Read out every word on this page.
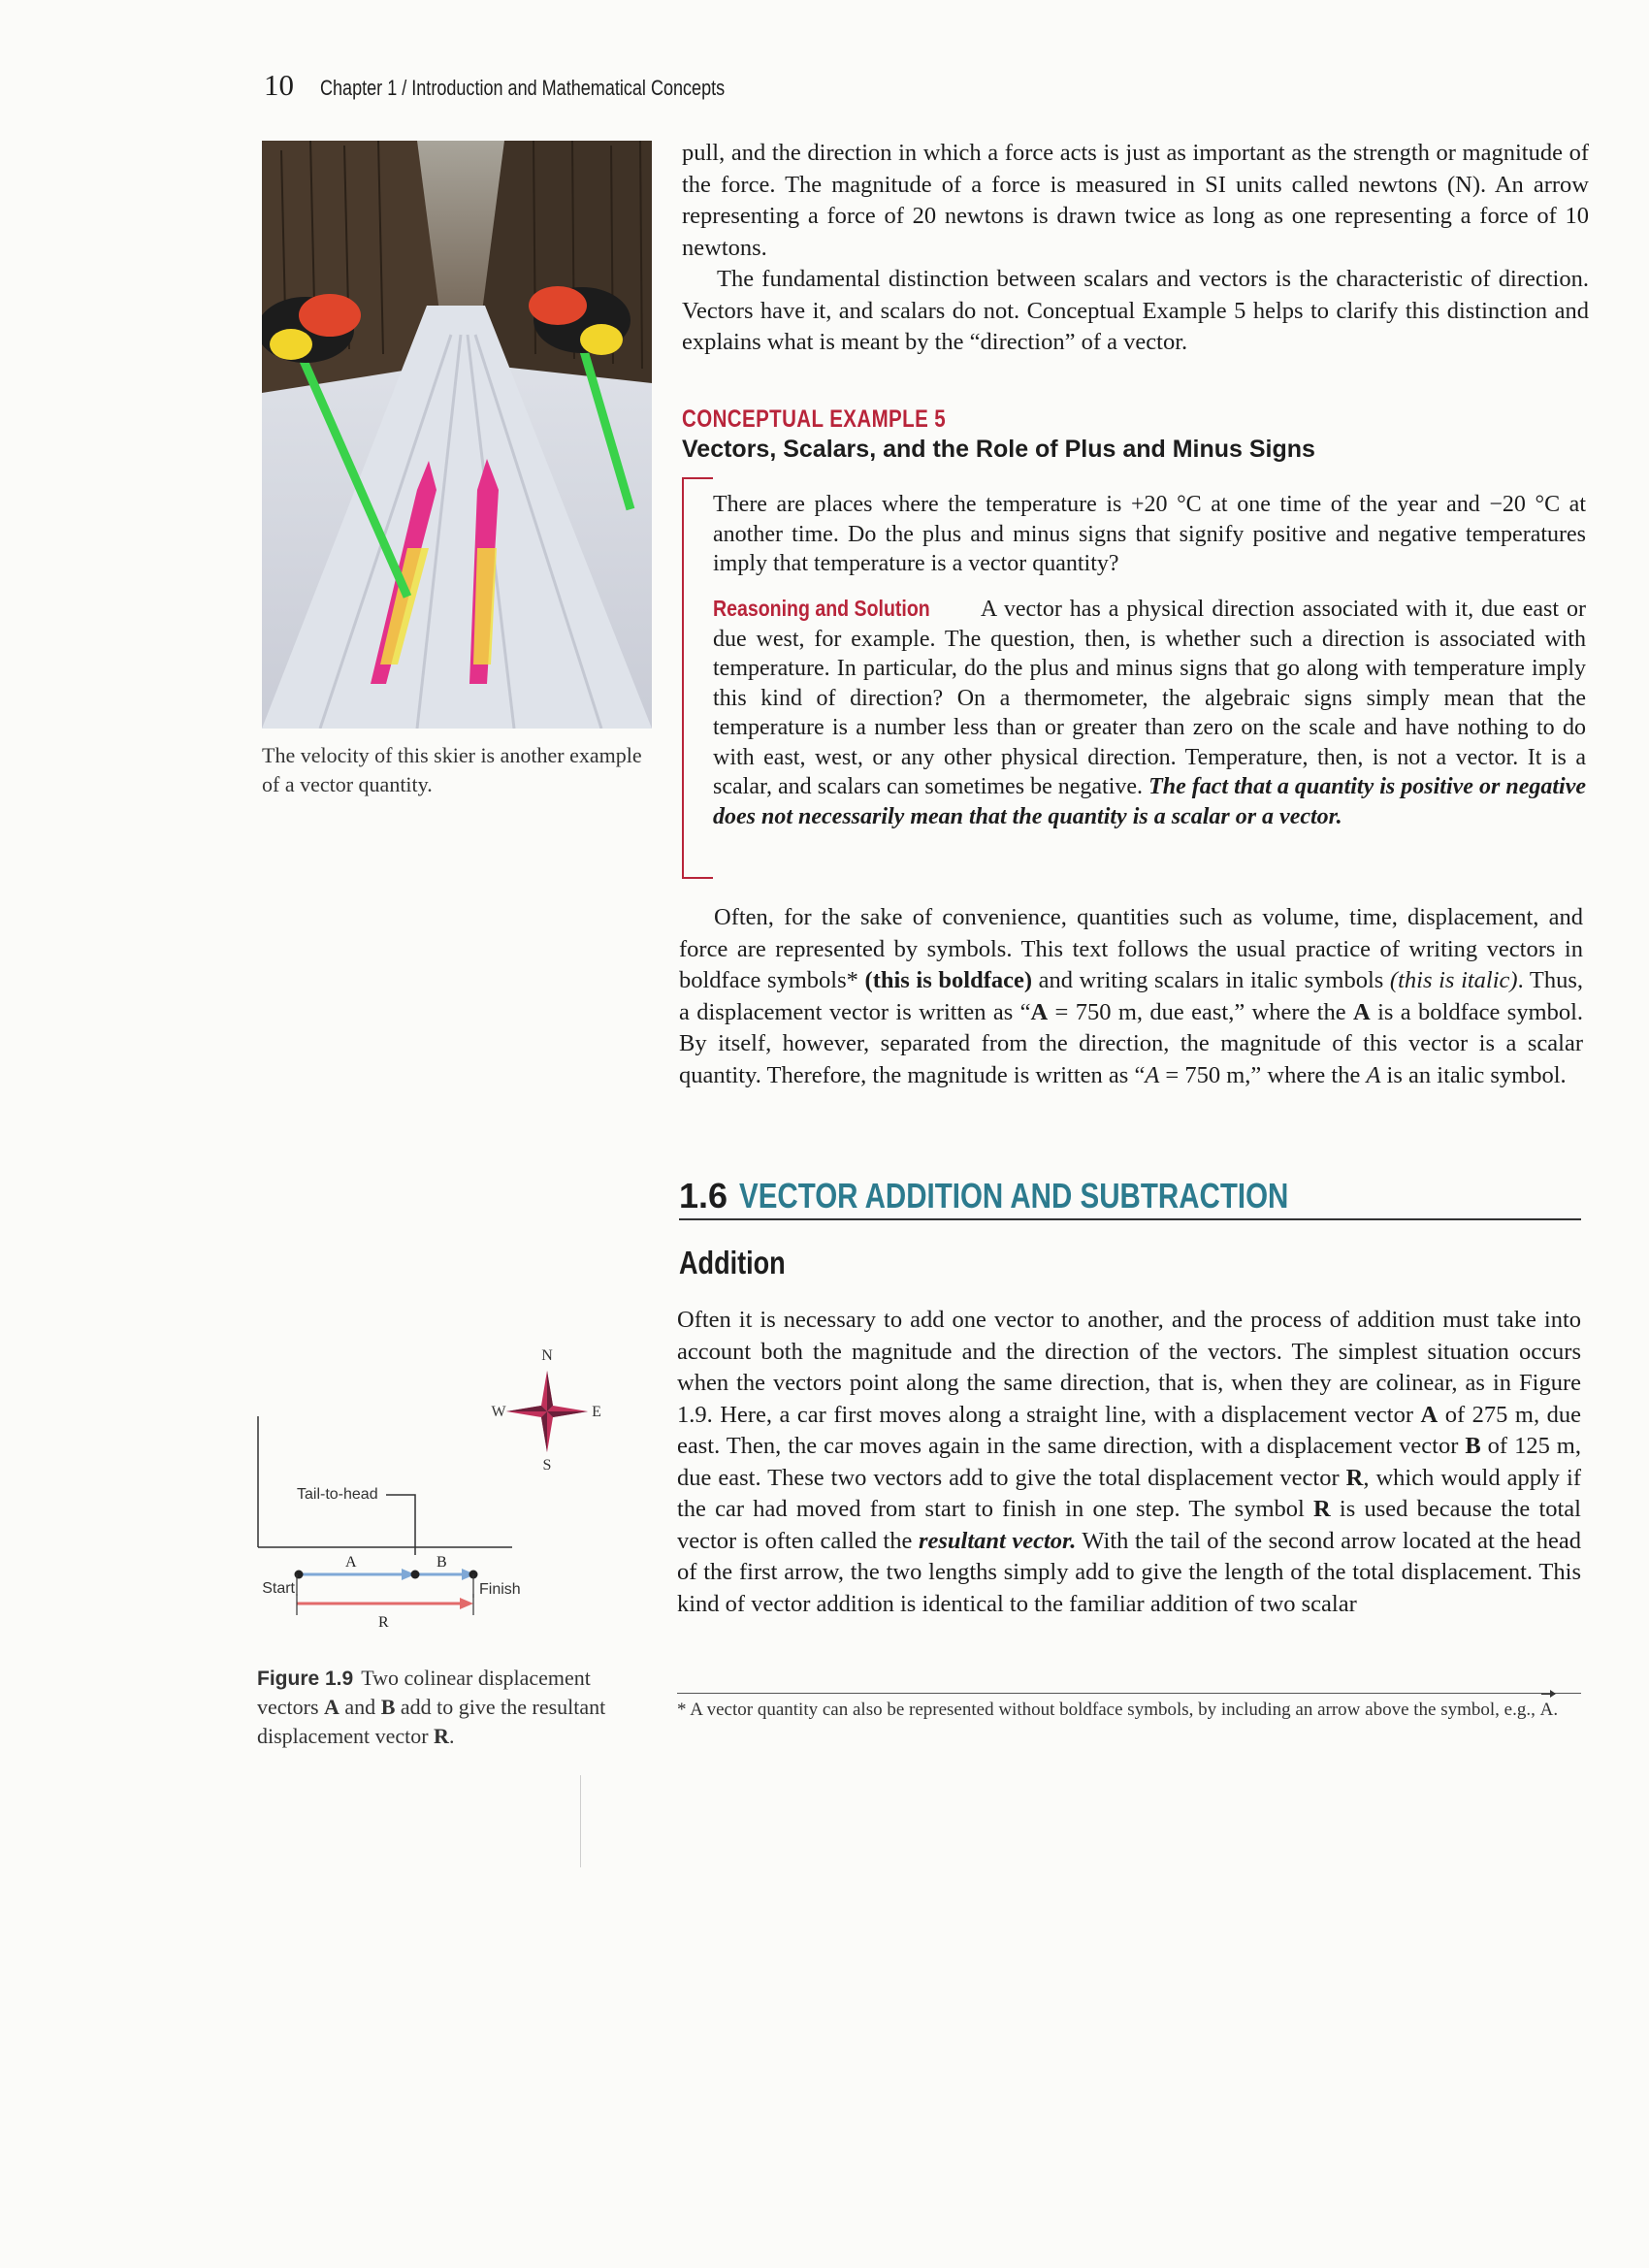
10 Chapter 1 / Introduction and Mathematical Concepts
The velocity of this skier is another example of a vector quantity.

pull, and the direction in which a force acts is just as important as the strength or magnitude of the force. The magnitude of a force is measured in SI units called newtons (N). An arrow representing a force of 20 newtons is drawn twice as long as one representing a force of 10 newtons.

The fundamental distinction between scalars and vectors is the characteristic of direction. Vectors have it, and scalars do not. Conceptual Example 5 helps to clarify this distinction and explains what is meant by the “direction” of a vector.

CONCEPTUAL EXAMPLE 5
Vectors, Scalars, and the Role of Plus and Minus Signs
There are places where the temperature is +20 °C at one time of the year and −20 °C at another time. Do the plus and minus signs that signify positive and negative temperatures imply that temperature is a vector quantity?
Reasoning and Solution A vector has a physical direction associated with it, due east or due west, for example. The question, then, is whether such a direction is associated with temperature. In particular, do the plus and minus signs that go along with temperature imply this kind of direction? On a thermometer, the algebraic signs simply mean that the temperature is a number less than or greater than zero on the scale and have nothing to do with east, west, or any other physical direction. Temperature, then, is not a vector. It is a scalar, and scalars can sometimes be negative. The fact that a quantity is positive or negative does not necessarily mean that the quantity is a scalar or a vector.
Often, for the sake of convenience, quantities such as volume, time, displacement, and force are represented by symbols. This text follows the usual practice of writing vectors in boldface symbols* (this is boldface) and writing scalars in italic symbols (this is italic). Thus, a displacement vector is written as “A = 750 m, due east,” where the A is a boldface symbol. By itself, however, separated from the direction, the magnitude of this vector is a scalar quantity. Therefore, the magnitude is written as “A = 750 m,” where the A is an italic symbol.
1.6 VECTOR ADDITION AND SUBTRACTION
Addition
Often it is necessary to add one vector to another, and the process of addition must take into account both the magnitude and the direction of the vectors. The simplest situation occurs when the vectors point along the same direction, that is, when they are colinear, as in Figure 1.9. Here, a car first moves along a straight line, with a displacement vector A of 275 m, due east. Then, the car moves again in the same direction, with a displacement vector B of 125 m, due east. These two vectors add to give the total displacement vector R, which would apply if the car had moved from start to finish in one step. The symbol R is used because the total vector is often called the resultant vector. With the tail of the second arrow located at the head of the first arrow, the two lengths simply add to give the length of the total displacement. This kind of vector addition is identical to the familiar addition of two scalar
N
S
E
W
Tail-to-head
A	B
Start	Finish
R
Figure 1.9 Two colinear displacement vectors A and B add to give the resultant displacement vector R.
* A vector quantity can also be represented without boldface symbols, by including an arrow above the symbol, e.g., A.
